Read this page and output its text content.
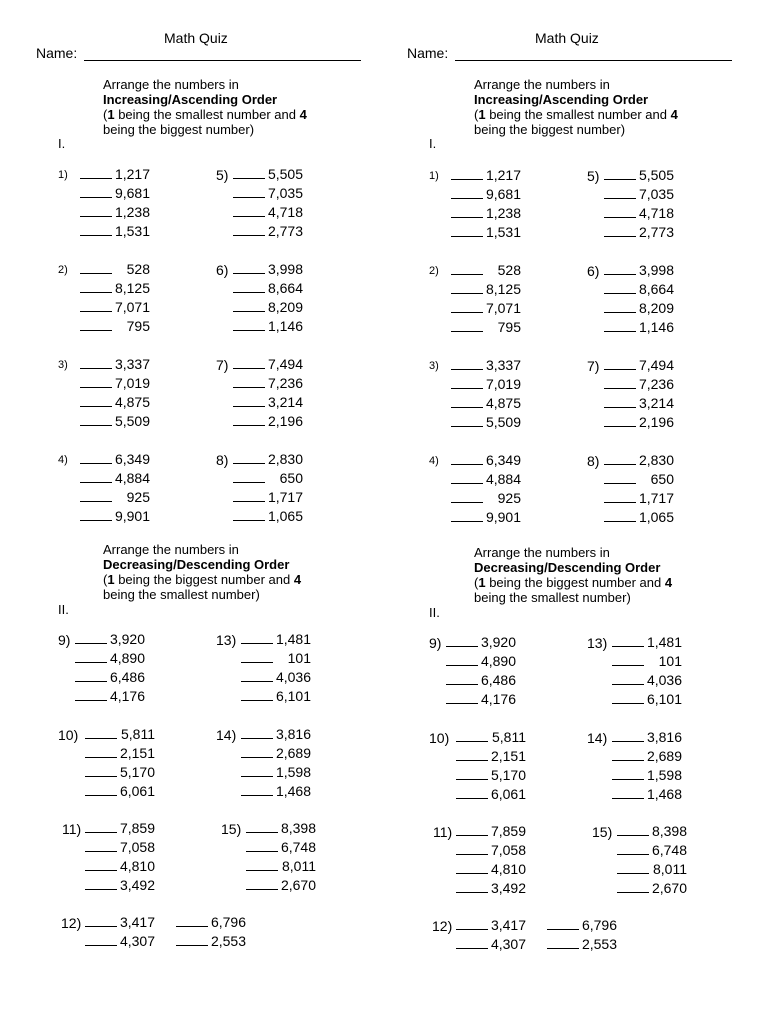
Math Quiz
Name:
Arrange the numbers in
Increasing/Ascending Order
(1 being the smallest number and 4
being the biggest number)
I.
Arrange the numbers in
Decreasing/Descending Order
(1 being the biggest number and 4
being the smallest number)
II.
1)	1,217
9,681
1,238
1,531
2)	528
8,125
7,071
795
3)	3,337
7,019
4,875
5,509
4)	6,349
4,884
925
9,901
5)	5,505
7,035
4,718
2,773
6)	3,998
8,664
8,209
1,146
7)	7,494
7,236
3,214
2,196
8)	2,830
650
1,717
1,065
9)	3,920
4,890
6,486
4,176
10)	5,811
2,151
5,170
6,061
11)	7,859
7,058
4,810
3,492
13)	1,481
101
4,036
6,101
14)	3,816
2,689
1,598
1,468
15)	8,398
6,748
8,011
2,670
12)	3,417
4,307
6,796
2,553
Math Quiz
Name:
Arrange the numbers in
Increasing/Ascending Order
(1 being the smallest number and 4
being the biggest number)
I.
Arrange the numbers in
Decreasing/Descending Order
(1 being the biggest number and 4
being the smallest number)
II.
1)	1,217
9,681
1,238
1,531
2)	528
8,125
7,071
795
3)	3,337
7,019
4,875
5,509
4)	6,349
4,884
925
9,901
5)	5,505
7,035
4,718
2,773
6)	3,998
8,664
8,209
1,146
7)	7,494
7,236
3,214
2,196
8)	2,830
650
1,717
1,065
9)	3,920
4,890
6,486
4,176
10)	5,811
2,151
5,170
6,061
11)	7,859
7,058
4,810
3,492
13)	1,481
101
4,036
6,101
14)	3,816
2,689
1,598
1,468
15)	8,398
6,748
8,011
2,670
12)	3,417
4,307
6,796
2,553
